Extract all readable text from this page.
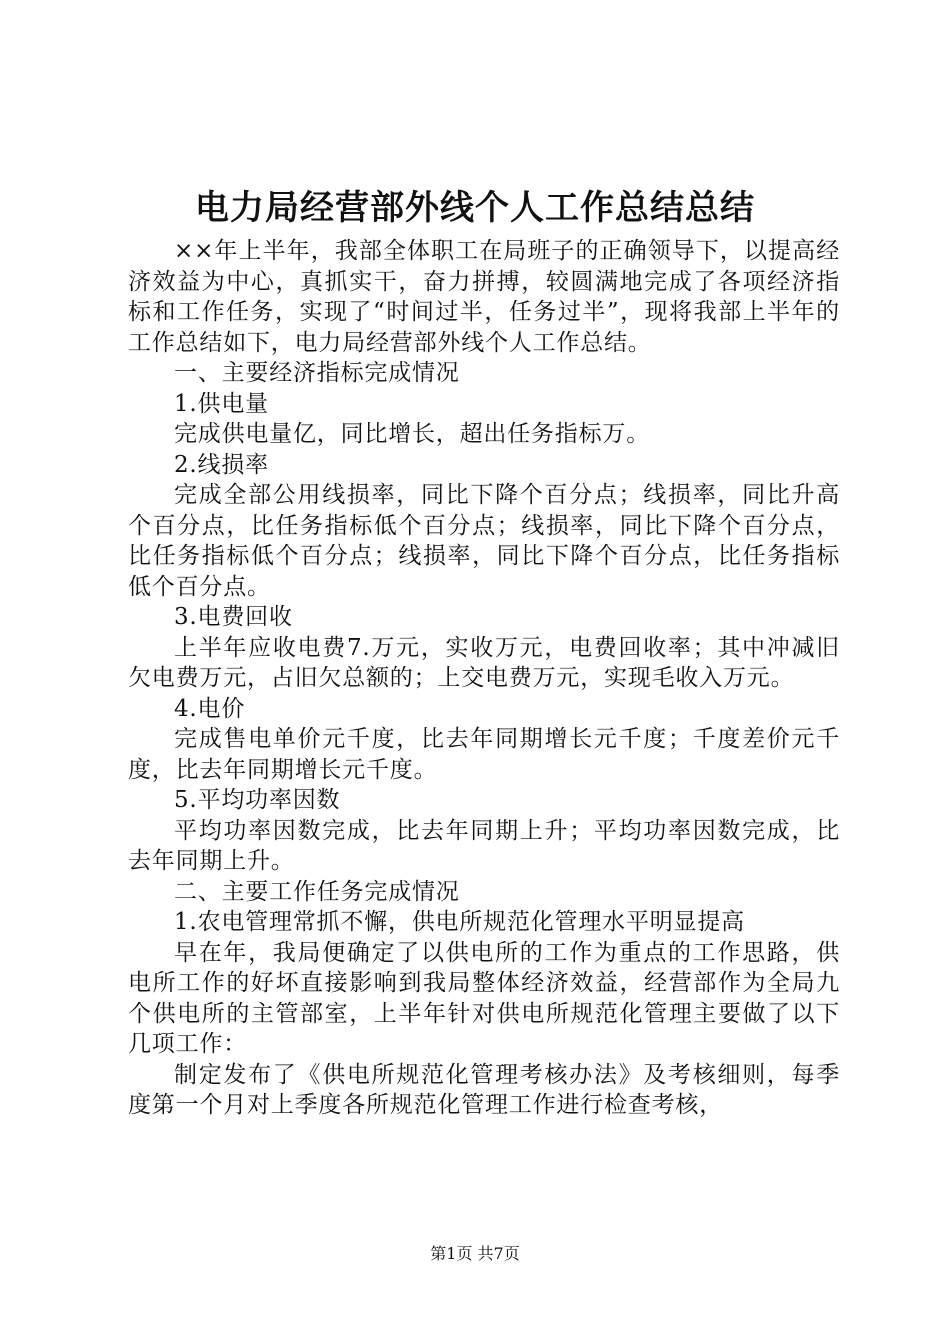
电力局经营部外线个人工作总结总结

××年上半年，我部全体职工在局班子的正确领导下，以提高经济效益为中心，真抓实干，奋力拼搏，较圆满地完成了各项经济指标和工作任务，实现了“时间过半，任务过半”，现将我部上半年的工作总结如下，电力局经营部外线个人工作总结。

一、主要经济指标完成情况

1.供电量

完成供电量亿，同比增长，超出任务指标万。

2.线损率

完成全部公用线损率，同比下降个百分点；线损率，同比升高个百分点，比任务指标低个百分点；线损率，同比下降个百分点，比任务指标低个百分点；线损率，同比下降个百分点，比任务指标低个百分点。

3.电费回收

上半年应收电费7.万元，实收万元，电费回收率；其中冲减旧欠电费万元，占旧欠总额的；上交电费万元，实现毛收入万元。

4.电价

完成售电单价元千度，比去年同期增长元千度；千度差价元千度，比去年同期增长元千度。

5.平均功率因数

平均功率因数完成，比去年同期上升；平均功率因数完成，比去年同期上升。

二、主要工作任务完成情况

1.农电管理常抓不懈，供电所规范化管理水平明显提高

早在年，我局便确定了以供电所的工作为重点的工作思路，供电所工作的好坏直接影响到我局整体经济效益，经营部作为全局九个供电所的主管部室，上半年针对供电所规范化管理主要做了以下几项工作：

制定发布了《供电所规范化管理考核办法》及考核细则，每季度第一个月对上季度各所规范化管理工作进行检查考核，

第1页 共7页
